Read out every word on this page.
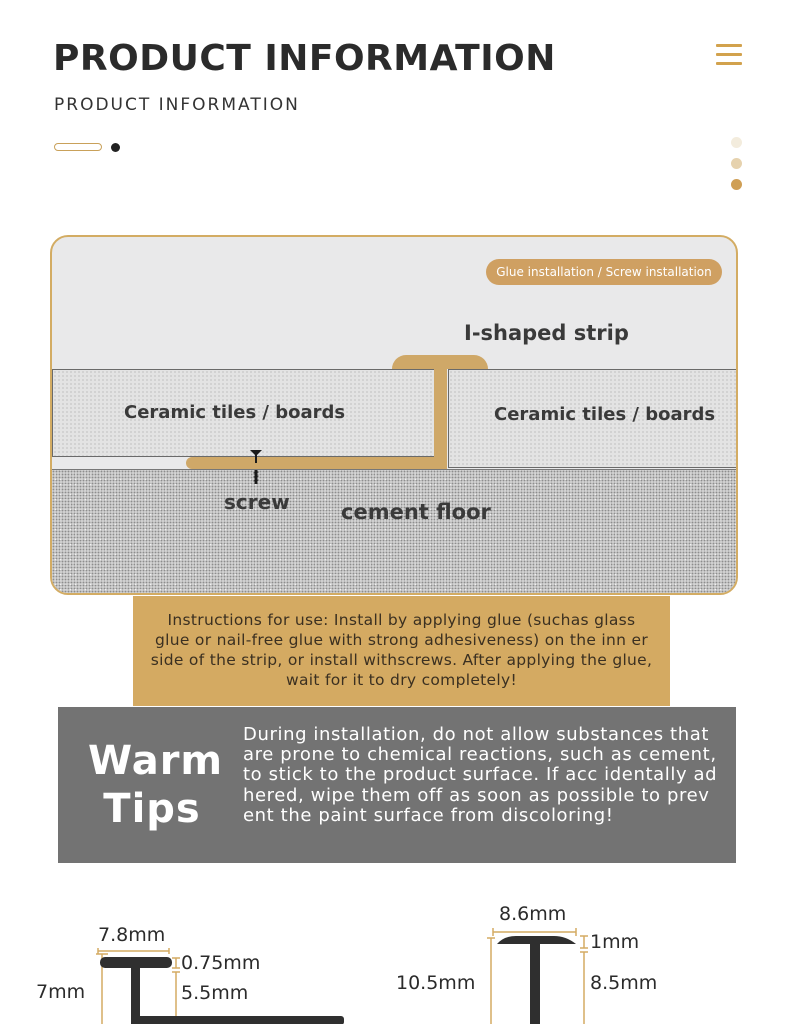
PRODUCT INFORMATION
PRODUCT INFORMATION
Glue installation / Screw installation
I-shaped strip
Ceramic tiles / boards	Ceramic tiles / boards
screw cement floor
Instructions for use: Install by applying glue (suchas glass glue or nail-free glue with strong adhesiveness) on the inn er side of the strip, or install withscrews. After applying the glue, wait for it to dry completely!
Warm
Tips
During installation, do not allow substances that are prone to chemical reactions, such as cement, to stick to the product surface. If acc identally adhered, wipe them off as soon as possible to prevent the paint surface from discoloring!
7.8mm
7mm
0.75mm
5.5mm
8.6mm
10.5mm
1mm
8.5mm
